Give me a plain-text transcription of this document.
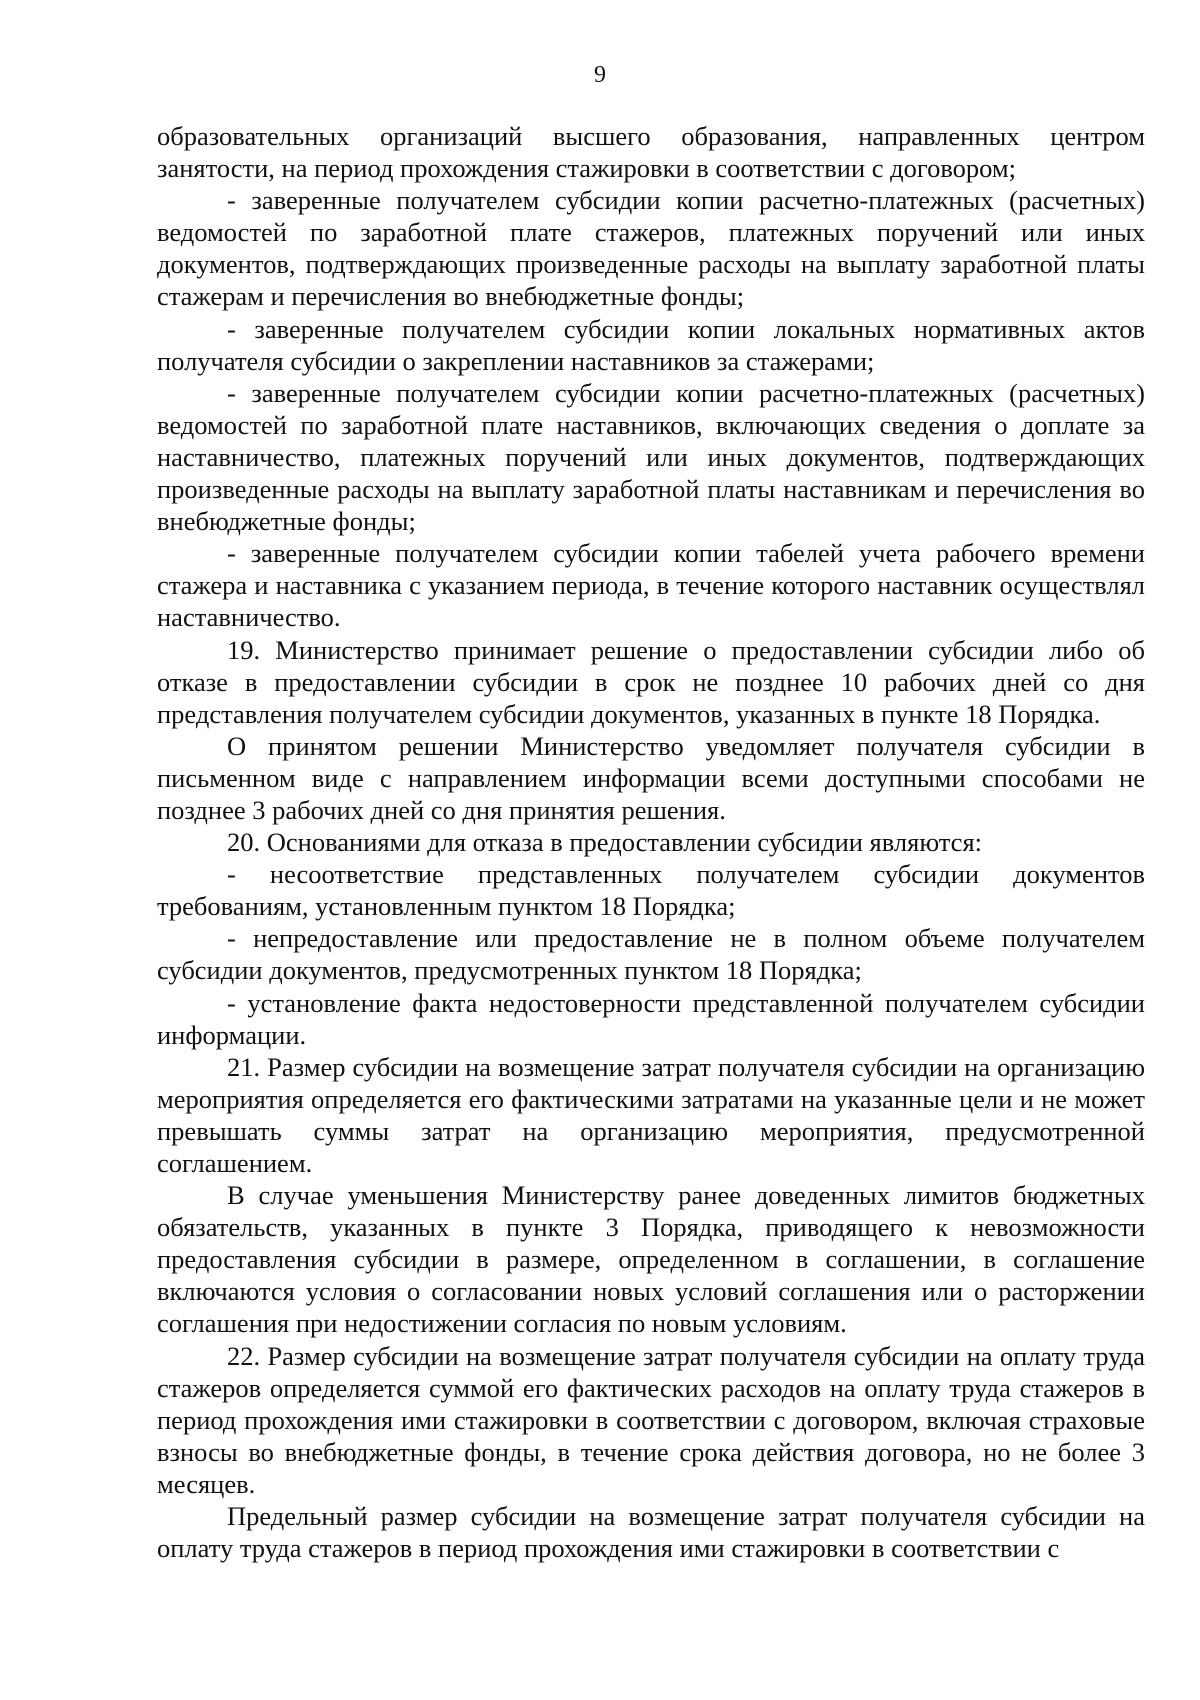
9

образовательных организаций высшего образования, направленных центром занятости, на период прохождения стажировки в соответствии с договором;

- заверенные получателем субсидии копии расчетно-платежных (расчетных) ведомостей по заработной плате стажеров, платежных поручений или иных документов, подтверждающих произведенные расходы на выплату заработной платы стажерам и перечисления во внебюджетные фонды;

- заверенные получателем субсидии копии локальных нормативных актов получателя субсидии о закреплении наставников за стажерами;

- заверенные получателем субсидии копии расчетно-платежных (расчетных) ведомостей по заработной плате наставников, включающих сведения о доплате за наставничество, платежных поручений или иных документов, подтверждающих произведенные расходы на выплату заработной платы наставникам и перечисления во внебюджетные фонды;

- заверенные получателем субсидии копии табелей учета рабочего времени стажера и наставника с указанием периода, в течение которого наставник осуществлял наставничество.

19. Министерство принимает решение о предоставлении субсидии либо об отказе в предоставлении субсидии в срок не позднее 10 рабочих дней со дня представления получателем субсидии документов, указанных в пункте 18 Порядка.

О принятом решении Министерство уведомляет получателя субсидии в письменном виде с направлением информации всеми доступными способами не позднее 3 рабочих дней со дня принятия решения.

20. Основаниями для отказа в предоставлении субсидии являются:

- несоответствие представленных получателем субсидии документов требованиям, установленным пунктом 18 Порядка;

- непредоставление или предоставление не в полном объеме получателем субсидии документов, предусмотренных пунктом 18 Порядка;

- установление факта недостоверности представленной получателем субсидии информации.

21. Размер субсидии на возмещение затрат получателя субсидии на организацию мероприятия определяется его фактическими затратами на указанные цели и не может превышать суммы затрат на организацию мероприятия, предусмотренной соглашением.

В случае уменьшения Министерству ранее доведенных лимитов бюджетных обязательств, указанных в пункте 3 Порядка, приводящего к невозможности предоставления субсидии в размере, определенном в соглашении, в соглашение включаются условия о согласовании новых условий соглашения или о расторжении соглашения при недостижении согласия по новым условиям.

22. Размер субсидии на возмещение затрат получателя субсидии на оплату труда стажеров определяется суммой его фактических расходов на оплату труда стажеров в период прохождения ими стажировки в соответствии с договором, включая страховые взносы во внебюджетные фонды, в течение срока действия договора, но не более 3 месяцев.

Предельный размер субсидии на возмещение затрат получателя субсидии на оплату труда стажеров в период прохождения ими стажировки в соответствии с
